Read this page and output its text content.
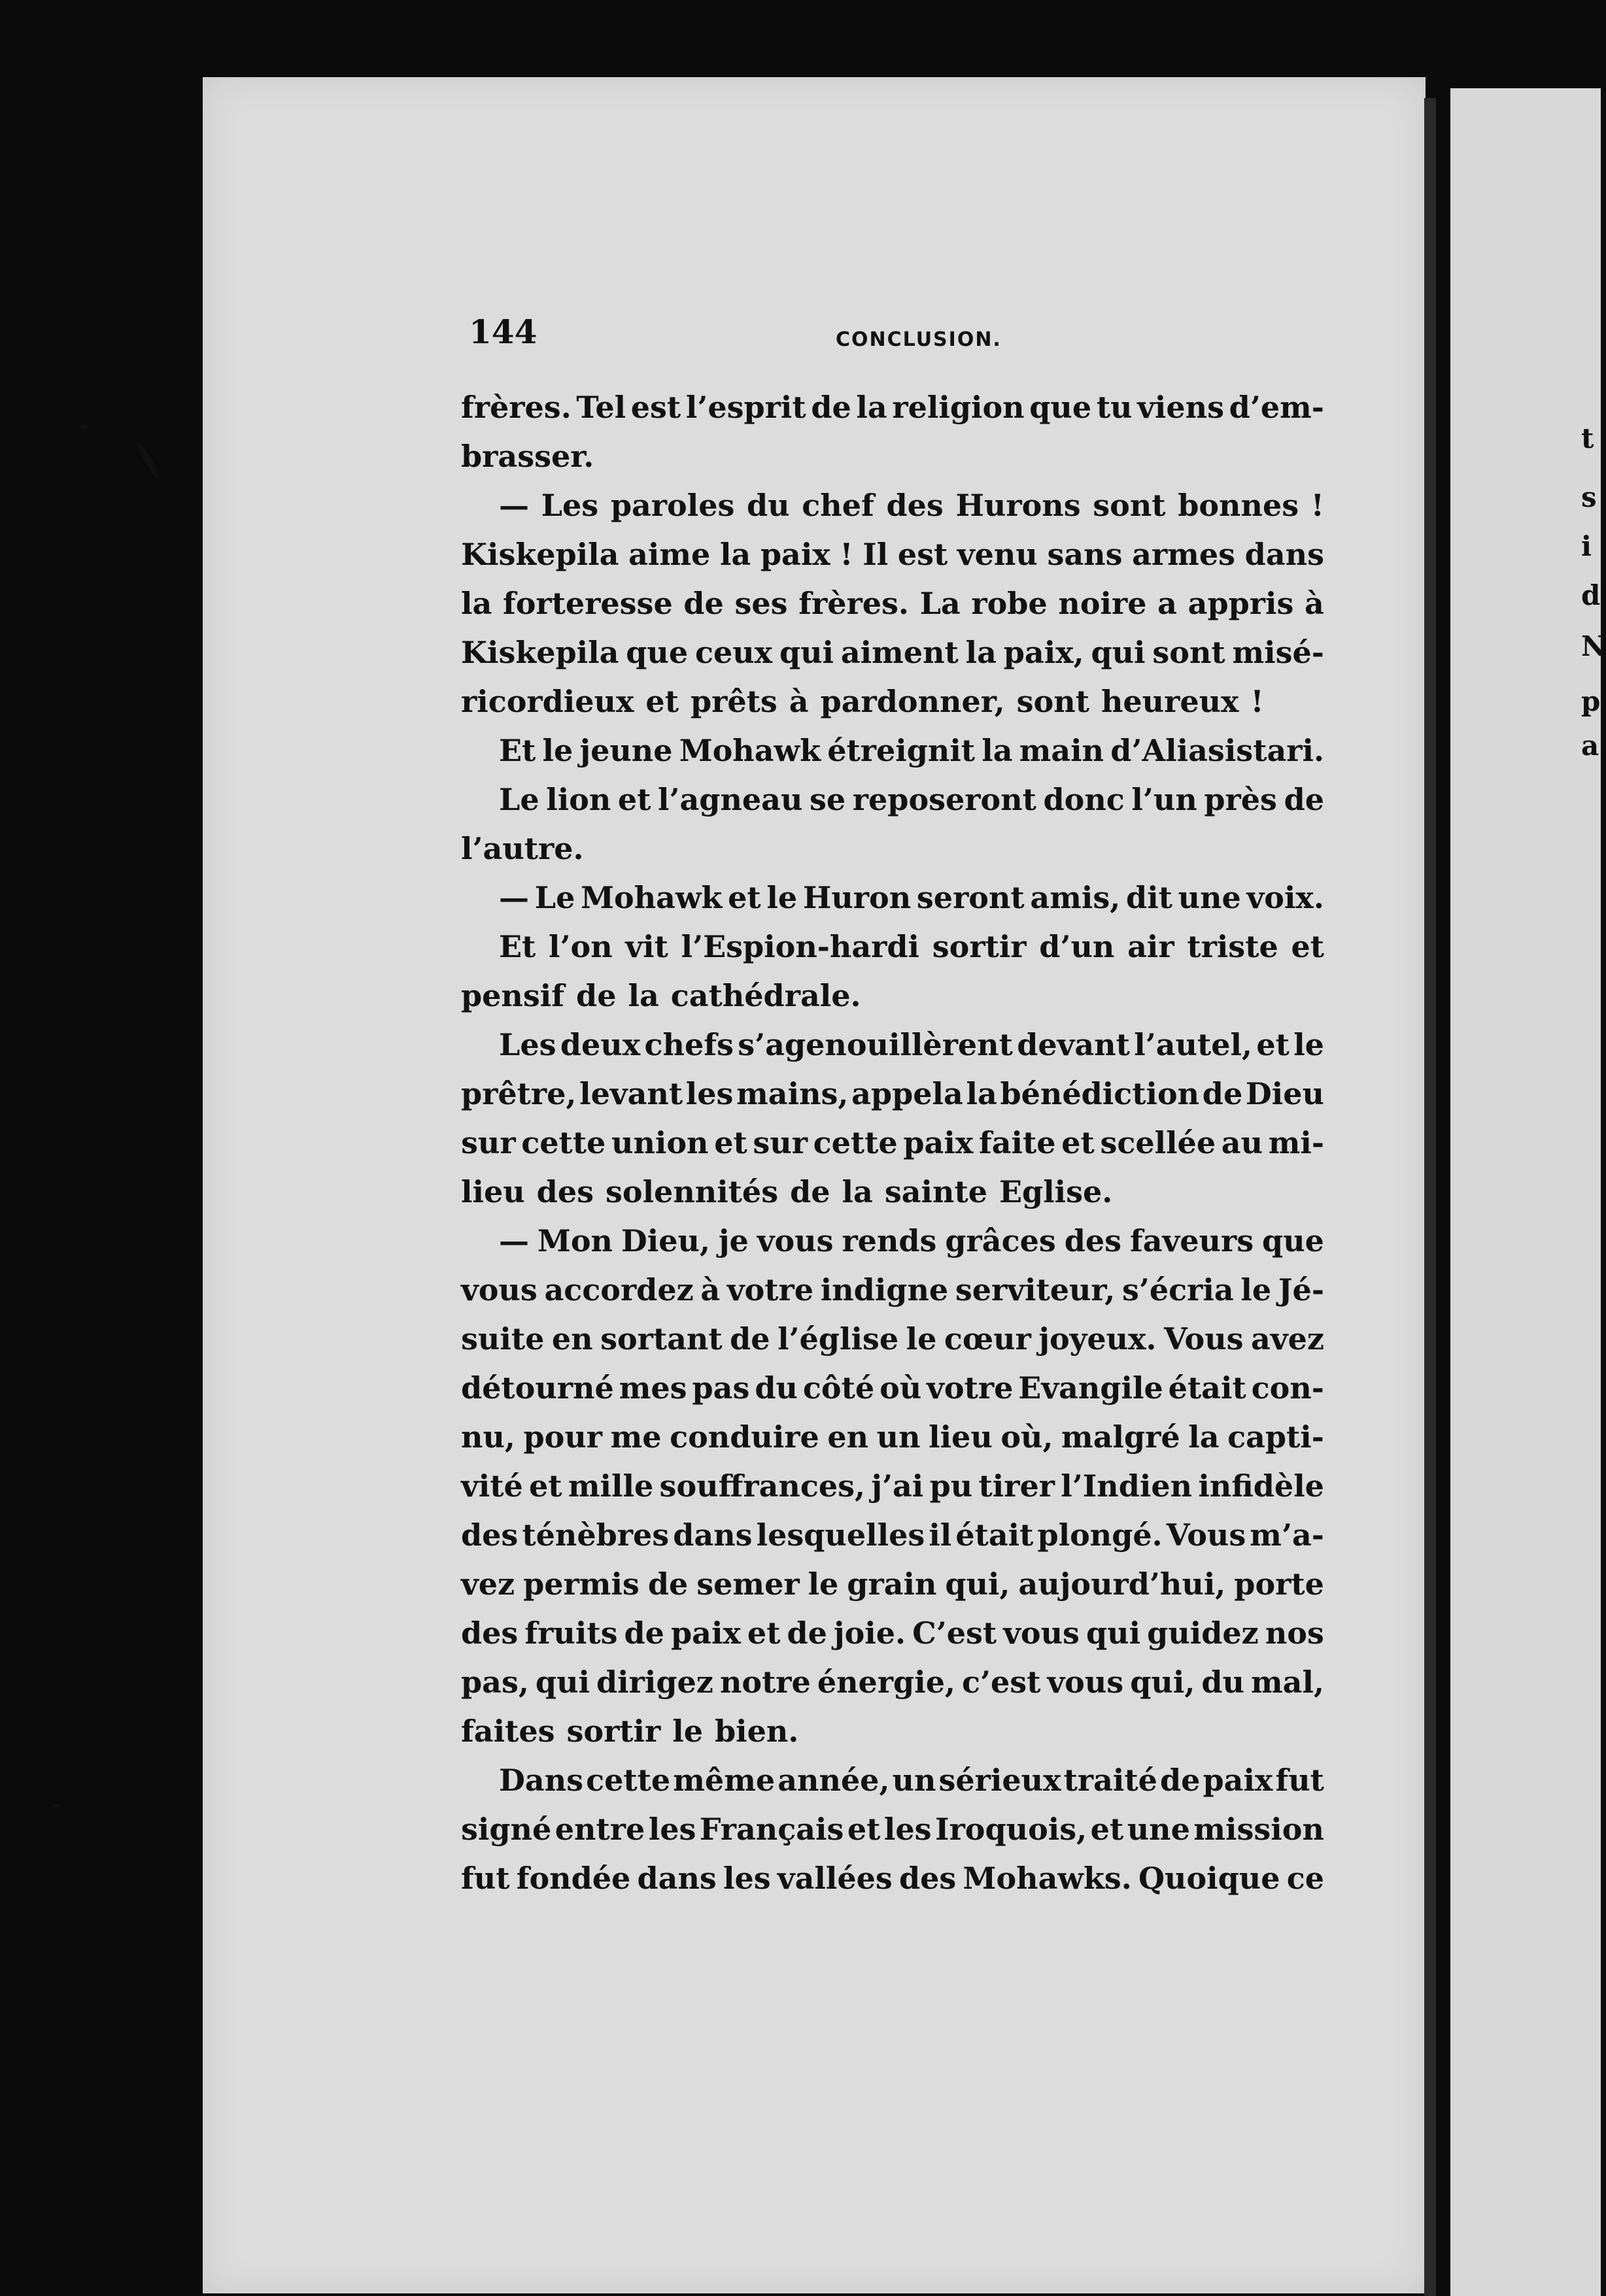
t
s
i
d
N
p
a
144	CONCLUSION.
frères. Tel est l’esprit de la religion que tu viens d’em-
brasser.
— Les paroles du chef des Hurons sont bonnes !
Kiskepila aime la paix ! Il est venu sans armes dans
la forteresse de ses frères. La robe noire a appris à
Kiskepila que ceux qui aiment la paix, qui sont misé-
ricordieux et prêts à pardonner, sont heureux !
Et le jeune Mohawk étreignit la main d’Aliasistari.
Le lion et l’agneau se reposeront donc l’un près de
l’autre.
— Le Mohawk et le Huron seront amis, dit une voix.
Et l’on vit l’Espion-hardi sortir d’un air triste et
pensif de la cathédrale.
Les deux chefs s’agenouillèrent devant l’autel, et le
prêtre, levant les mains, appela la bénédiction de Dieu
sur cette union et sur cette paix faite et scellée au mi-
lieu des solennités de la sainte Eglise.
— Mon Dieu, je vous rends grâces des faveurs que
vous accordez à votre indigne serviteur, s’écria le Jé-
suite en sortant de l’église le cœur joyeux. Vous avez
détourné mes pas du côté où votre Evangile était con-
nu, pour me conduire en un lieu où, malgré la capti-
vité et mille souffrances, j’ai pu tirer l’Indien infidèle
des ténèbres dans lesquelles il était plongé. Vous m’a-
vez permis de semer le grain qui, aujourd’hui, porte
des fruits de paix et de joie. C’est vous qui guidez nos
pas, qui dirigez notre énergie, c’est vous qui, du mal,
faites sortir le bien.
Dans cette même année, un sérieux traité de paix fut
signé entre les Français et les Iroquois, et une mission
fut fondée dans les vallées des Mohawks. Quoique ce
